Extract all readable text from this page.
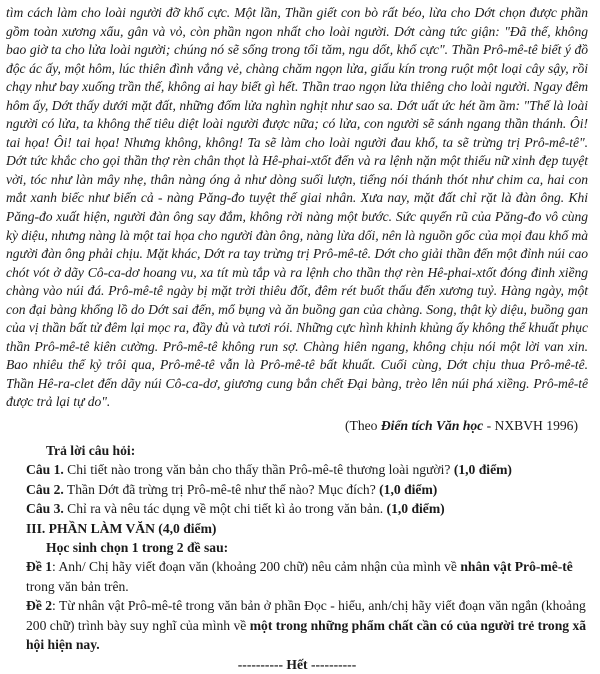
tìm cách làm cho loài người đỡ khổ cực. Một lần, Thần giết con bò rất béo, lừa cho Dớt chọn được phần gồm toàn xương xẩu, gân và vỏ, còn phần ngon nhất cho loài người. Dớt càng tức giận: "Đã thế, không bao giờ ta cho lửa loài người; chúng nó sẽ sống trong tối tăm, ngu dốt, khổ cực". Thần Prô-mê-tê biết ý đồ độc ác ấy, một hôm, lúc thiên đình vắng vẻ, chàng chăm ngọn lửa, giấu kín trong ruột một loại cây sậy, rồi chạy như bay xuống trần thế, không ai hay biết gì hết. Thần trao ngọn lửa thiêng cho loài người. Ngay đêm hôm ấy, Dớt thấy dưới mặt đất, những đốm lửa nghìn nghịt như sao sa. Dớt uất ức hét ầm ầm: "Thế là loài người có lửa, ta không thể tiêu diệt loài người được nữa; có lửa, con người sẽ sánh ngang thần thánh. Ôi! tai họa! Ôi! tai họa! Nhưng không, không! Ta sẽ làm cho loài người đau khổ, ta sẽ trừng trị Prô-mê-tê". Dớt tức khắc cho gọi thần thợ rèn chân thọt là Hê-phai-xtốt đến và ra lệnh nặn một thiếu nữ xinh đẹp tuyệt vời, tóc như làn mây nhẹ, thân nàng óng ả như dòng suối lượn, tiếng nói thánh thót như chim ca, hai con mắt xanh biếc như biển cả - nàng Păng-đo tuyệt thế giai nhân. Xưa nay, mặt đất chỉ rặt là đàn ông. Khi Păng-đo xuất hiện, người đàn ông say đắm, không rời nàng một bước. Sức quyến rũ của Păng-đo vô cùng kỳ diệu, nhưng nàng là một tai họa cho người đàn ông, nàng lừa dối, nên là nguồn gốc của mọi đau khổ mà người đàn ông phải chịu. Mặt khác, Dớt ra tay trừng trị Prô-mê-tê. Dớt cho giải thần đến một đỉnh núi cao chót vót ở dãy Cô-ca-dơ hoang vu, xa tít mù tắp và ra lệnh cho thần thợ rèn Hê-phai-xtốt đóng đinh xiềng chàng vào núi đá. Prô-mê-tê ngày bị mặt trời thiêu đốt, đêm rét buốt thấu đến xương tuỷ. Hàng ngày, một con đại bàng khổng lồ do Dớt sai đến, mổ bụng và ăn buồng gan của chàng. Song, thật kỳ diệu, buồng gan của vị thần bất tử đêm lại mọc ra, đầy đủ và tươi rói. Những cực hình khinh khủng ấy không thể khuất phục thần Prô-mê-tê kiên cường. Prô-mê-tê không run sợ. Chàng hiên ngang, không chịu nói một lời van xin. Bao nhiêu thế kỷ trôi qua, Prô-mê-tê vẫn là Prô-mê-tê bất khuất. Cuối cùng, Dớt chịu thua Prô-mê-tê. Thần Hê-ra-clet đến dãy núi Cô-ca-dơ, giương cung bắn chết Đại bàng, trèo lên núi phá xiềng. Prô-mê-tê được trả lại tự do".

(Theo Điển tích Văn học - NXBVH 1996)
Trả lời câu hỏi:
Câu 1. Chi tiết nào trong văn bản cho thấy thần Prô-mê-tê thương loài người? (1,0 điểm)
Câu 2. Thần Dớt đã trừng trị Prô-mê-tê như thế nào? Mục đích? (1,0 điểm)
Câu 3. Chỉ ra và nêu tác dụng về một chi tiết kì ảo trong văn bản. (1,0 điểm)
III. PHẦN LÀM VĂN (4,0 điểm)
Học sinh chọn 1 trong 2 đề sau:
Đề 1: Anh/ Chị hãy viết đoạn văn (khoảng 200 chữ) nêu cảm nhận của mình về nhân vật Prô-mê-tê trong văn bản trên.
Đề 2: Từ nhân vật Prô-mê-tê trong văn bản ở phần Đọc - hiểu, anh/chị hãy viết đoạn văn ngắn (khoảng 200 chữ) trình bày suy nghĩ của mình về một trong những phẩm chất cần có của người trẻ trong xã hội hiện nay.
---------- Hết ----------
